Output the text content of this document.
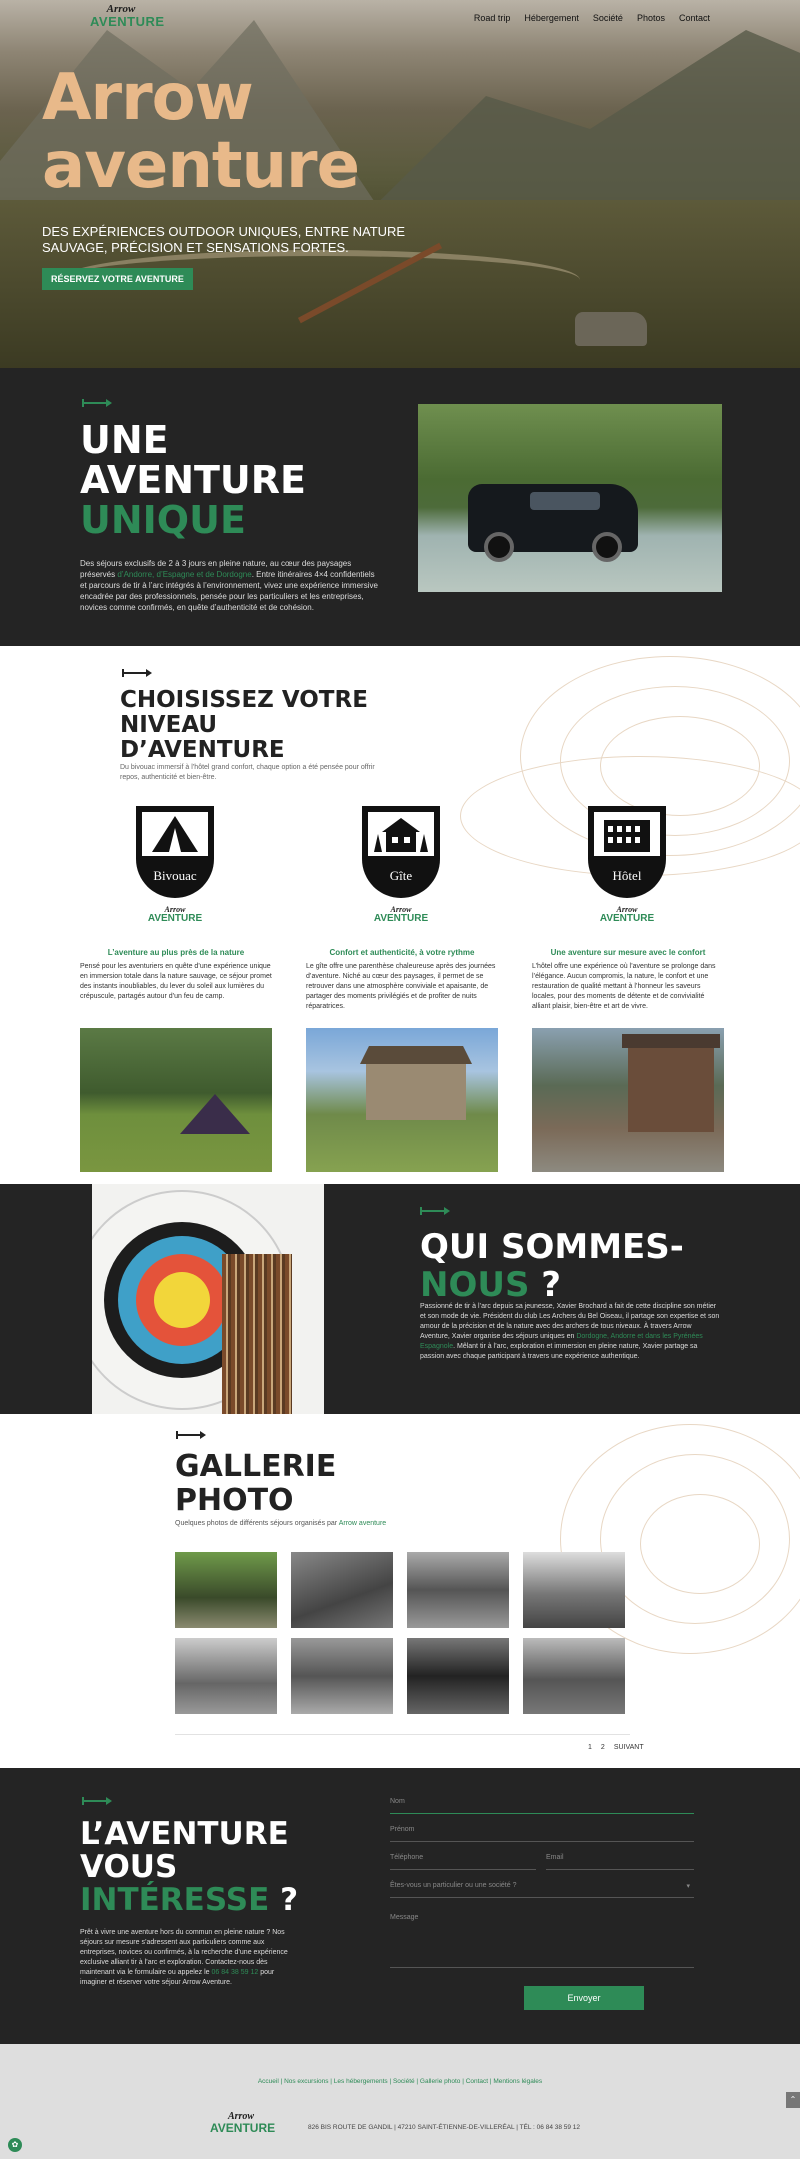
Arrow
AVENTURE	Road trip Hébergement Société Photos Contact
Arrow
aventure

DES EXPÉRIENCES OUTDOOR UNIQUES, ENTRE NATURE SAUVAGE, PRÉCISION ET SENSATIONS FORTES.

RÉSERVEZ VOTRE AVENTURE
UNE
AVENTURE
UNIQUE

Des séjours exclusifs de 2 à 3 jours en pleine nature, au cœur des paysages préservés d’Andorre, d’Espagne et de Dordogne. Entre itinéraires 4×4 confidentiels et parcours de tir à l’arc intégrés à l’environnement, vivez une expérience immersive encadrée par des professionnels, pensée pour les particuliers et les entreprises, novices comme confirmés, en quête d’authenticité et de cohésion.

CHOISISSEZ VOTRE
NIVEAU
D’AVENTURE

Du bivouac immersif à l’hôtel grand confort, chaque option a été pensée pour offrir repos, authenticité et bien-être.

Bivouac
Arrow
AVENTURE
L’aventure au plus près de la nature

Pensé pour les aventuriers en quête d’une expérience unique en immersion totale dans la nature sauvage, ce séjour promet des instants inoubliables, du lever du soleil aux lumières du crépuscule, partagés autour d’un feu de camp.

Gîte
Arrow
AVENTURE
Confort et authenticité, à votre rythme

Le gîte offre une parenthèse chaleureuse après des journées d’aventure. Niché au cœur des paysages, il permet de se retrouver dans une atmosphère conviviale et apaisante, de partager des moments privilégiés et de profiter de nuits réparatrices.

Hôtel
Arrow
AVENTURE
Une aventure sur mesure avec le confort

L’hôtel offre une expérience où l’aventure se prolonge dans l’élégance. Aucun compromis, la nature, le confort et une restauration de qualité mettant à l’honneur les saveurs locales, pour des moments de détente et de convivialité alliant plaisir, bien-être et art de vivre.

QUI SOMMES-
NOUS ?

Passionné de tir à l’arc depuis sa jeunesse, Xavier Brochard a fait de cette discipline son métier et son mode de vie. Président du club Les Archers du Bel Oiseau, il partage son expertise et son amour de la précision et de la nature avec des archers de tous niveaux. À travers Arrow Aventure, Xavier organise des séjours uniques en Dordogne, Andorre et dans les Pyrénées Espagnole. Mêlant tir à l’arc, exploration et immersion en pleine nature, Xavier partage sa passion avec chaque participant à travers une expérience authentique.

GALLERIE
PHOTO

Quelques photos de différents séjours organisés par Arrow aventure

1 2 SUIVANT
L’AVENTURE
VOUS
INTÉRESSE ?

Prêt à vivre une aventure hors du commun en pleine nature ? Nos séjours sur mesure s’adressent aux particuliers comme aux entreprises, novices ou confirmés, à la recherche d’une expérience exclusive alliant tir à l’arc et exploration. Contactez-nous dès maintenant via le formulaire ou appelez le 06 84 38 59 12 pour imaginer et réserver votre séjour Arrow Aventure.

Nom
Prénom
Téléphone	Email
Êtes-vous un particulier ou une société ?	▾
Message
Envoyer
Accueil | Nos excursions | Les hébergements | Société | Gallerie photo | Contact | Mentions légales
Arrow
AVENTURE	826 BIS ROUTE DE GANDIL | 47210 SAINT-ÉTIENNE-DE-VILLERÉAL | TÉL : 06 84 38 59 12
⌃
✿
